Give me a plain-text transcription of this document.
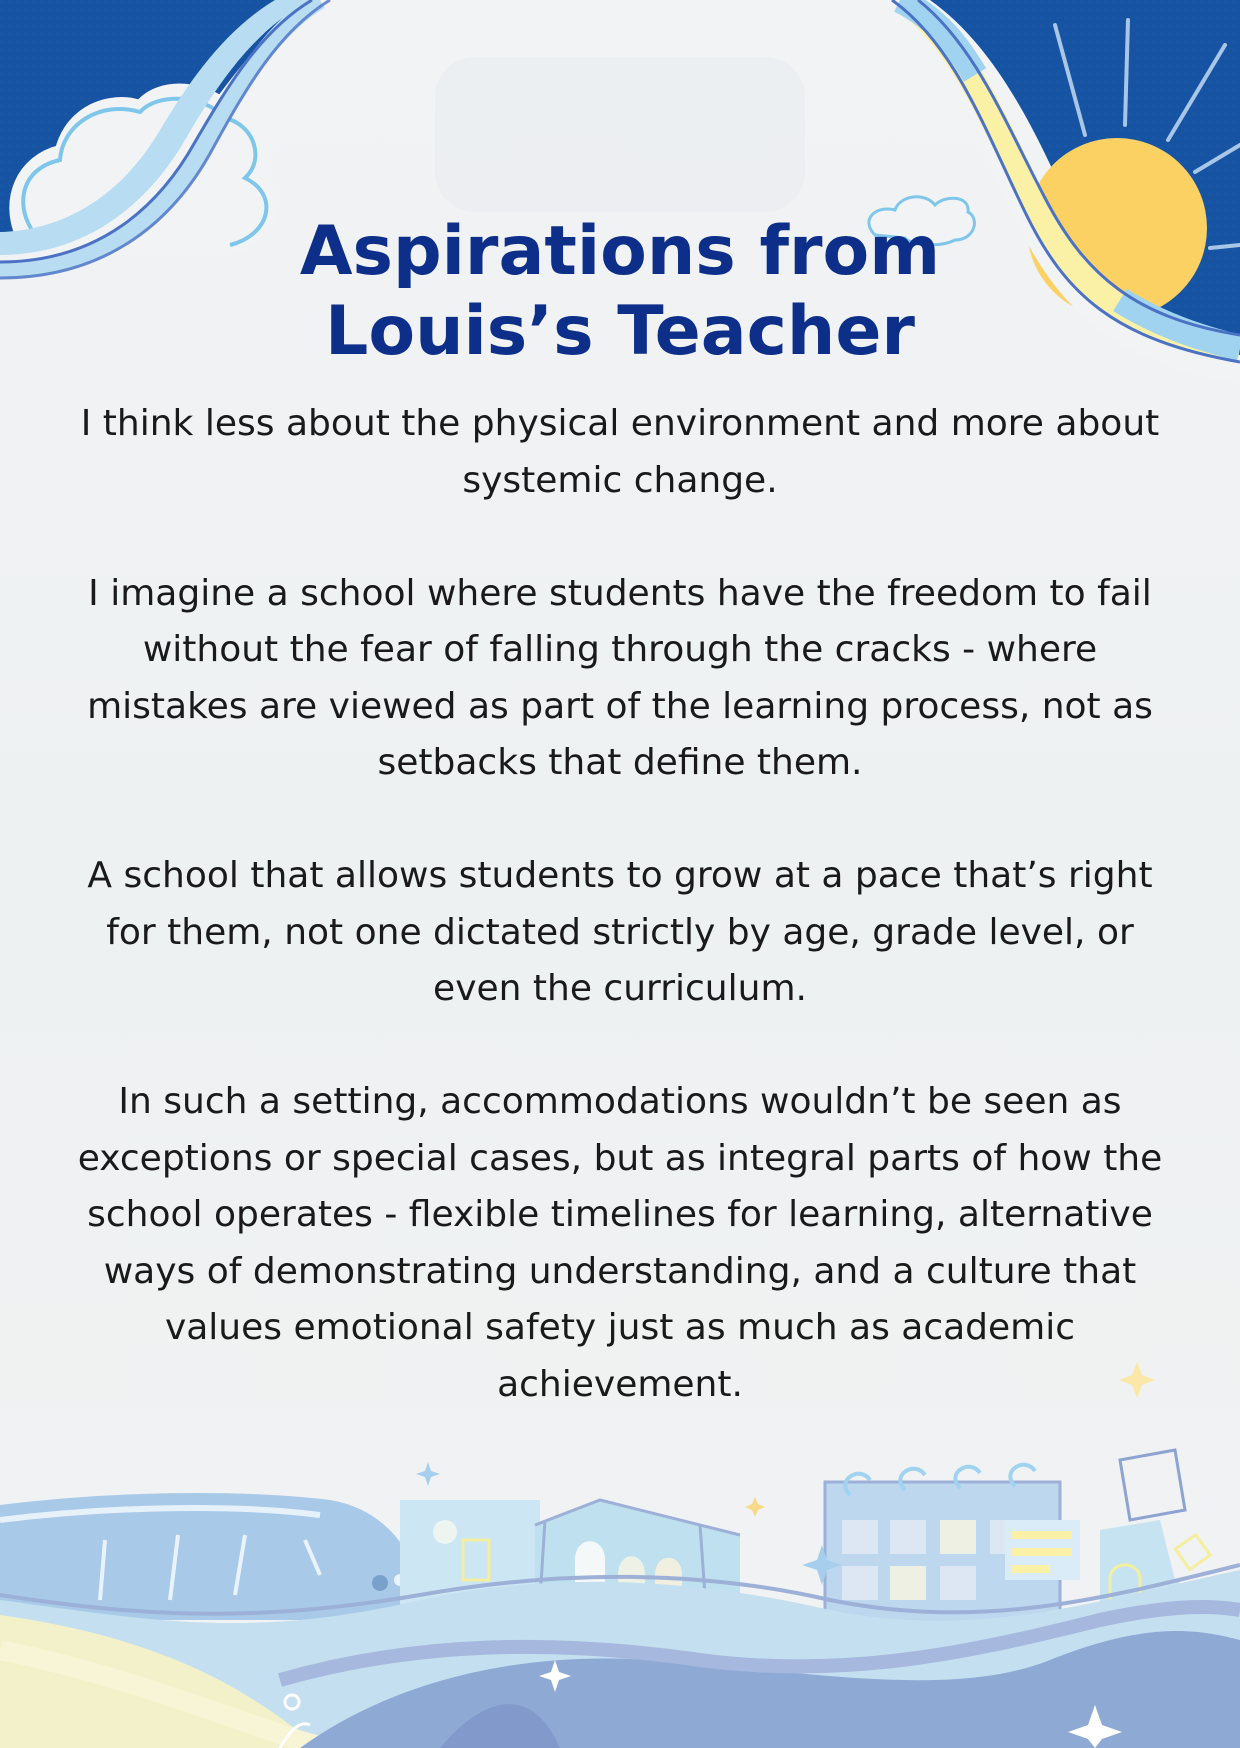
Aspirations from
Louis’s Teacher

I think less about the physical environment and more about systemic change.

I imagine a school where students have the freedom to fail without the fear of falling through the cracks - where mistakes are viewed as part of the learning process, not as setbacks that define them.

A school that allows students to grow at a pace that’s right for them, not one dictated strictly by age, grade level, or even the curriculum.

In such a setting, accommodations wouldn’t be seen as exceptions or special cases, but as integral parts of how the school operates - flexible timelines for learning, alternative ways of demonstrating understanding, and a culture that values emotional safety just as much as academic achievement.
